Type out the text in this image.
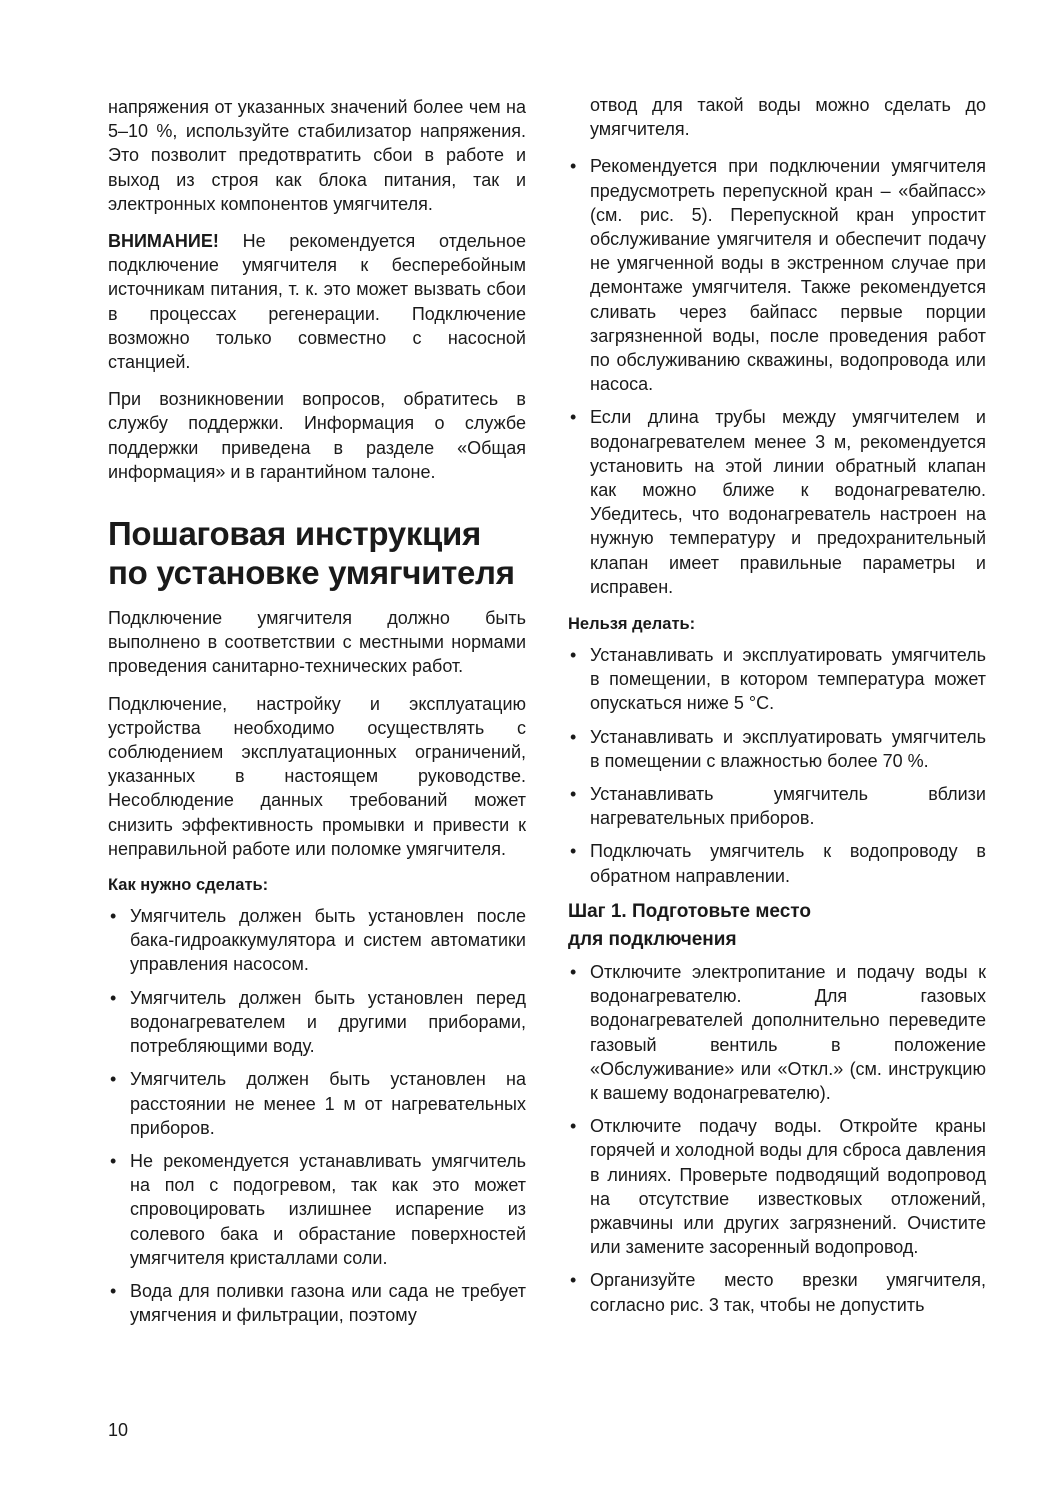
напряжения от указанных значений более чем на 5–10 %, используйте стабилизатор напряжения. Это позволит предотвратить сбои в работе и выход из строя как блока питания, так и электронных компонентов умягчителя.

ВНИМАНИЕ! Не рекомендуется отдельное подключение умягчителя к бесперебойным источникам питания, т. к. это может вызвать сбои в процессах регенерации. Подключение возможно только совместно с насосной станцией.

При возникновении вопросов, обратитесь в службу поддержки. Информация о службе поддержки приведена в разделе «Общая информация» и в гарантийном талоне.

Пошаговая инструкция по установке умягчителя

Подключение умягчителя должно быть выполнено в соответствии с местными нормами проведения санитарно-технических работ.

Подключение, настройку и эксплуатацию устройства необходимо осуществлять с соблюдением эксплуатационных ограничений, указанных в настоящем руководстве. Несоблюдение данных требований может снизить эффективность промывки и привести к неправильной работе или поломке умягчителя.

Как нужно сделать:
• Умягчитель должен быть установлен после бака-гидроаккумулятора и систем автоматики управления насосом.
• Умягчитель должен быть установлен перед водонагревателем и другими приборами, потребляющими воду.
• Умягчитель должен быть установлен на расстоянии не менее 1 м от нагревательных приборов.
• Не рекомендуется устанавливать умягчитель на пол с подогревом, так как это может спровоцировать излишнее испарение из солевого бака и обрастание поверхностей умягчителя кристаллами соли.
• Вода для поливки газона или сада не требует умягчения и фильтрации, поэтому

отвод для такой воды можно сделать до умягчителя.

• Рекомендуется при подключении умягчителя предусмотреть перепускной кран – «байпасс» (см. рис. 5). Перепускной кран упростит обслуживание умягчителя и обеспечит подачу не умягченной воды в экстренном случае при демонтаже умягчителя. Также рекомендуется сливать через байпасс первые порции загрязненной воды, после проведения работ по обслуживанию скважины, водопровода или насоса.
• Если длина трубы между умягчителем и водонагревателем менее 3 м, рекомендуется установить на этой линии обратный клапан как можно ближе к водонагревателю. Убедитесь, что водонагреватель настроен на нужную температуру и предохранительный клапан имеет правильные параметры и исправен.
Нельзя делать:
• Устанавливать и эксплуатировать умягчитель в помещении, в котором температура может опускаться ниже 5 °С.
• Устанавливать и эксплуатировать умягчитель в помещении с влажностью более 70 %.
• Устанавливать умягчитель вблизи нагревательных приборов.
• Подключать умягчитель к водопроводу в обратном направлении.
Шаг 1. Подготовьте место
для подключения
• Отключите электропитание и подачу воды к водонагревателю. Для газовых водонагревателей дополнительно переведите газовый вентиль в положение «Обслуживание» или «Откл.» (см. инструкцию к вашему водонагревателю).
• Отключите подачу воды. Откройте краны горячей и холодной воды для сброса давления в линиях. Проверьте подводящий водопровод на отсутствие известковых отложений, ржавчины или других загрязнений. Очистите или замените засоренный водопровод.
• Организуйте место врезки умягчителя, согласно рис. 3 так, чтобы не допустить
10
